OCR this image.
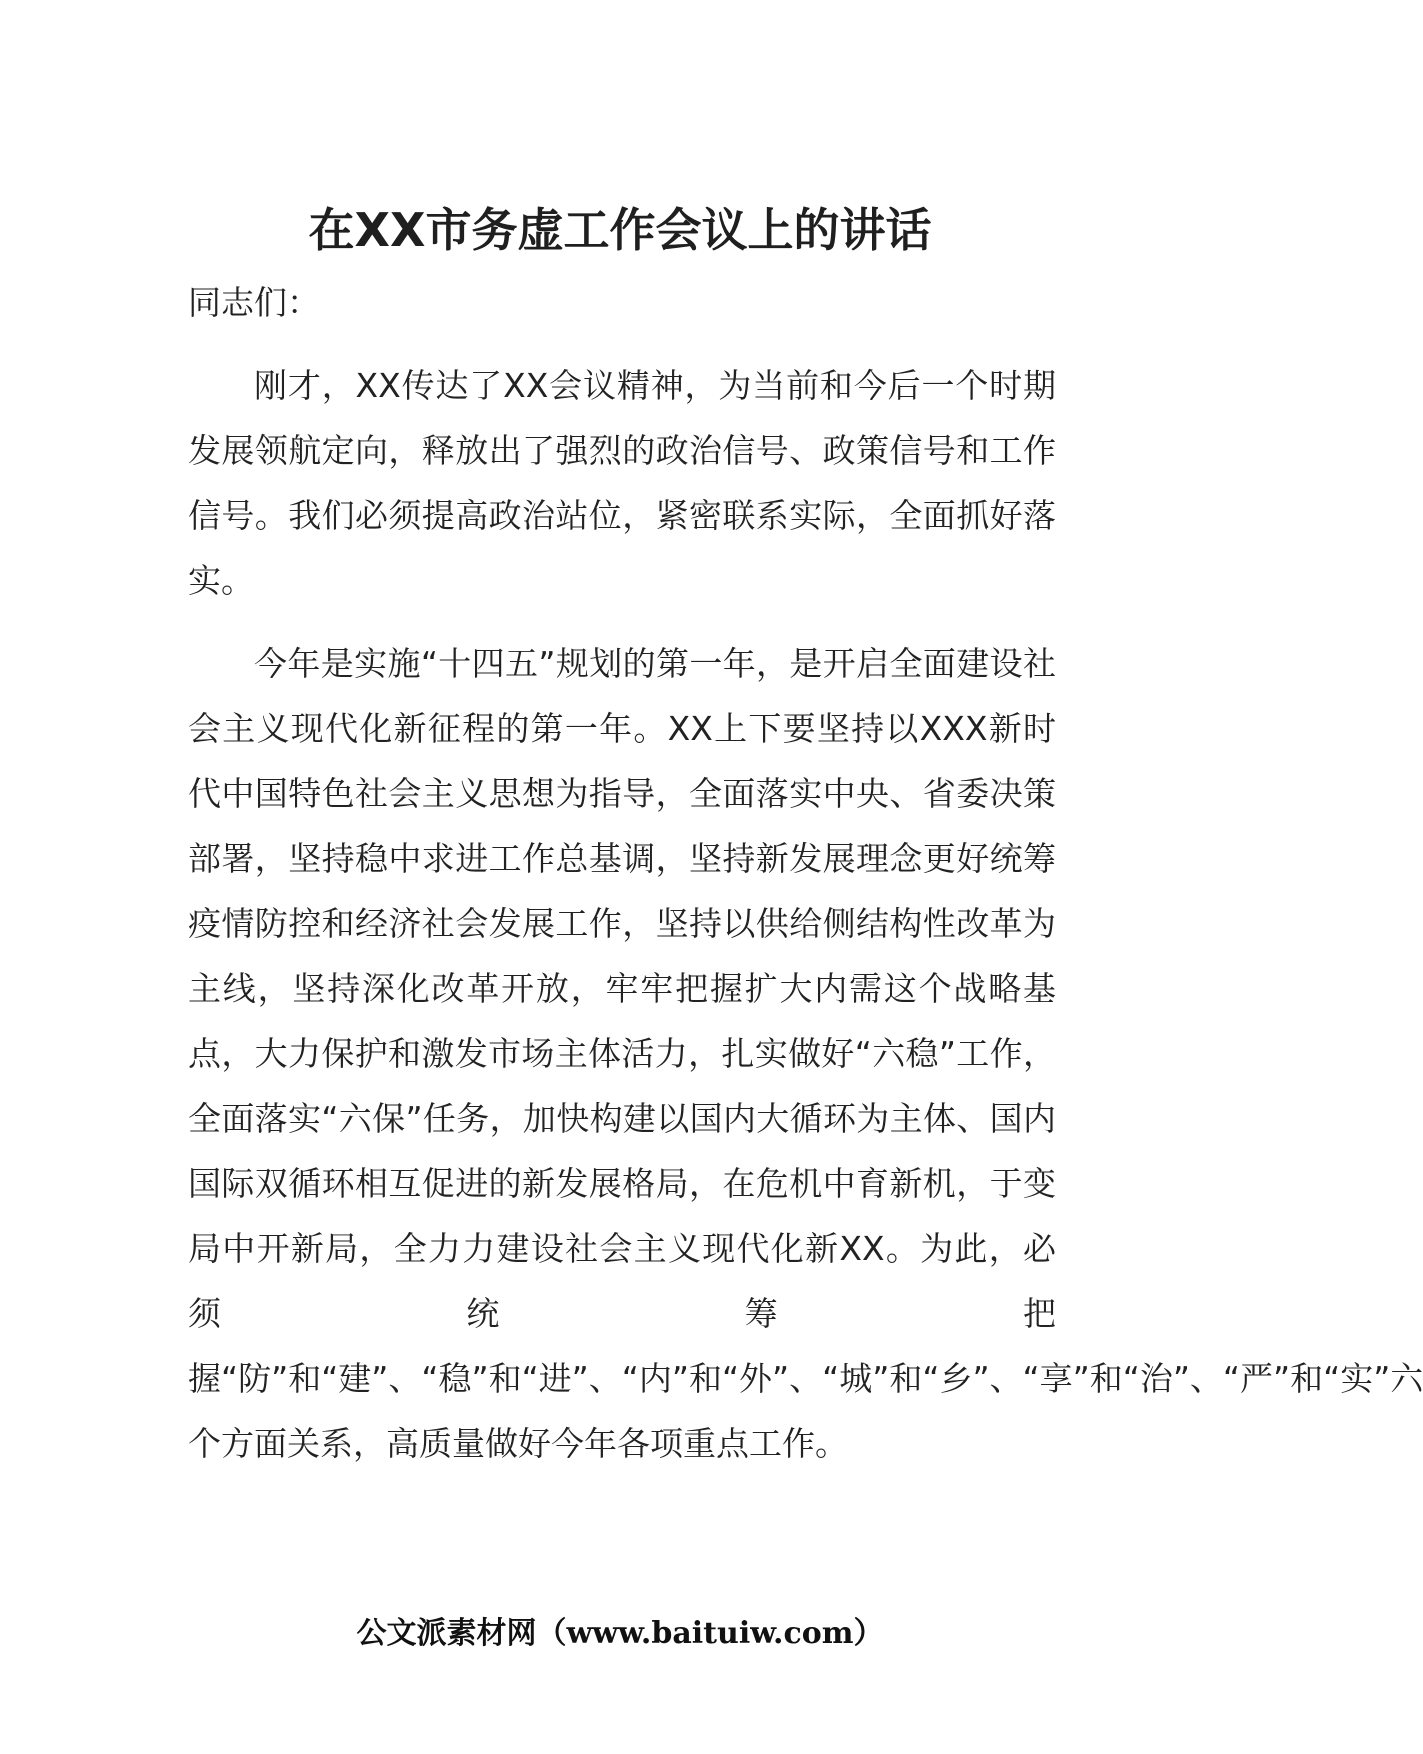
在XX市务虚工作会议上的讲话

同志们：

刚才，XX传达了XX会议精神，为当前和今后一个时期发展领航定向，释放出了强烈的政治信号、政策信号和工作信号。我们必须提高政治站位，紧密联系实际，全面抓好落实。

今年是实施“十四五”规划的第一年，是开启全面建设社会主义现代化新征程的第一年。XX上下要坚持以XXX新时代中国特色社会主义思想为指导，全面落实中央、省委决策部署，坚持稳中求进工作总基调，坚持新发展理念更好统筹疫情防控和经济社会发展工作，坚持以供给侧结构性改革为主线，坚持深化改革开放，牢牢把握扩大内需这个战略基点，大力保护和激发市场主体活力，扎实做好“六稳”工作，全面落实“六保”任务，加快构建以国内大循环为主体、国内国际双循环相互促进的新发展格局，在危机中育新机，于变局中开新局，全力力建设社会主义现代化新XX。为此，必须统筹把握“防”和“建”、“稳”和“进”、“内”和“外”、“城”和“乡”、“享”和“治”、“严”和“实”六个方面关系，高质量做好今年各项重点工作。

公文派素材网（www.baituiw.com）
